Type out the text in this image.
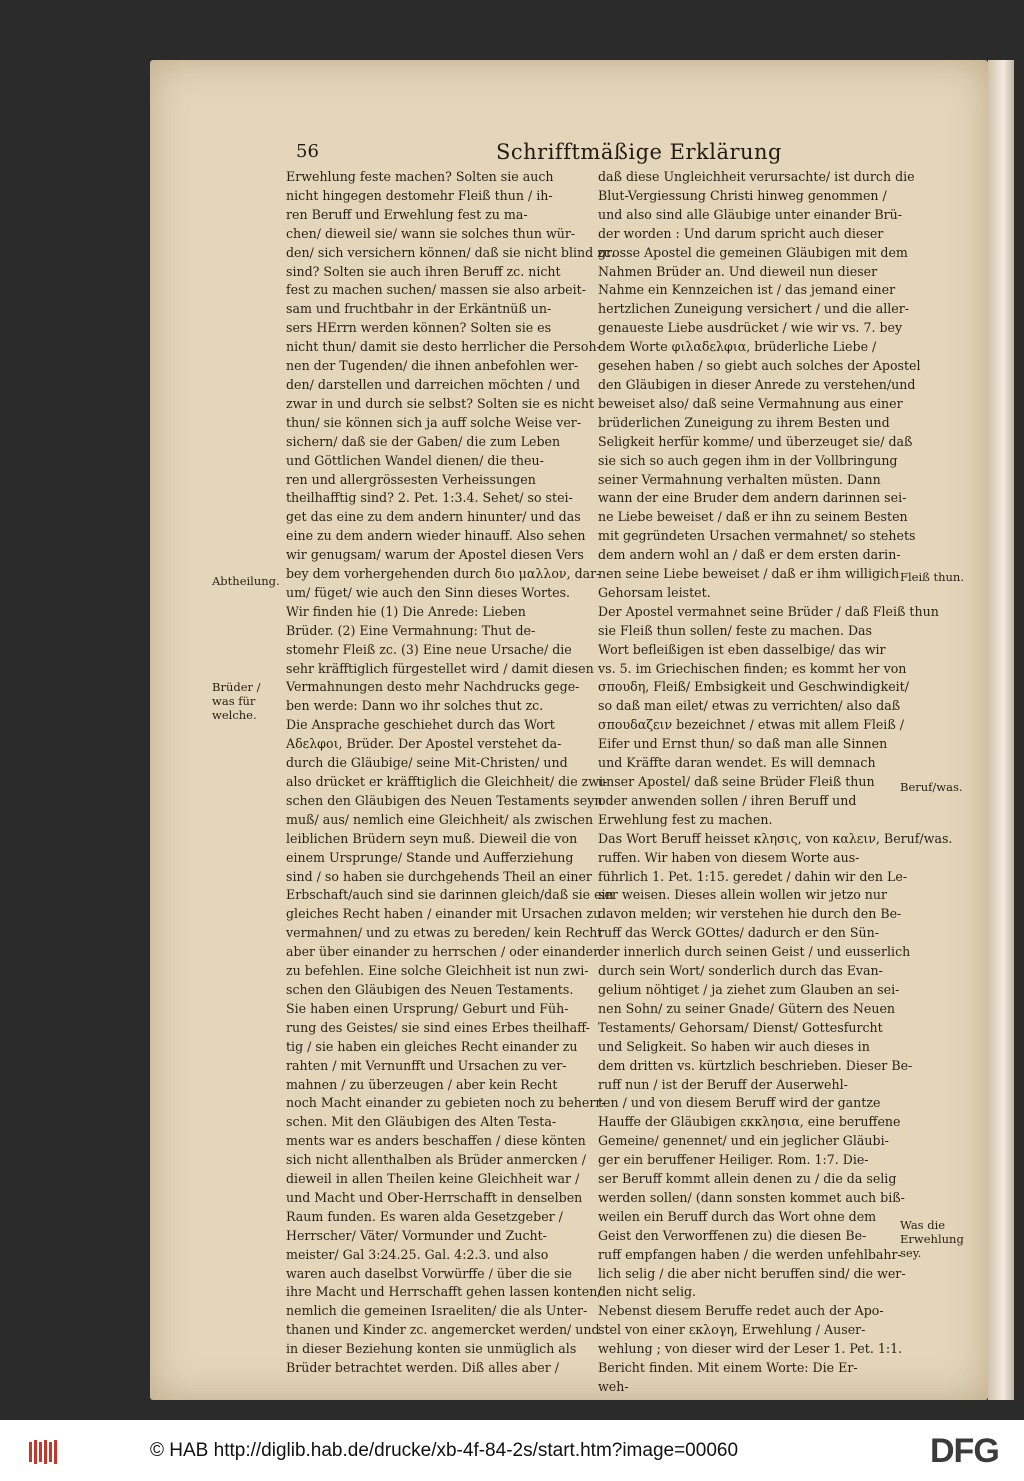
56	Schrifftmäßige Erklärung
Erwehlung feste machen? Solten sie auch
nicht hingegen destomehr Fleiß thun / ih-
ren Beruff und Erwehlung fest zu ma-
chen/ dieweil sie/ wann sie solches thun wür-
den/ sich versichern können/ daß sie nicht blind zc.
sind? Solten sie auch ihren Beruff zc. nicht
fest zu machen suchen/ massen sie also arbeit-
sam und fruchtbahr in der Erkäntnüß un-
sers HErrn werden können? Solten sie es
nicht thun/ damit sie desto herrlicher die Persoh-
nen der Tugenden/ die ihnen anbefohlen wer-
den/ darstellen und darreichen möchten / und
zwar in und durch sie selbst? Solten sie es nicht
thun/ sie können sich ja auff solche Weise ver-
sichern/ daß sie der Gaben/ die zum Leben
und Göttlichen Wandel dienen/ die theu-
ren und allergrössesten Verheissungen
theilhafftig sind? 2. Pet. 1:3.4. Sehet/ so stei-
get das eine zu dem andern hinunter/ und das
eine zu dem andern wieder hinauff. Also sehen
wir genugsam/ warum der Apostel diesen Vers
bey dem vorhergehenden durch διο μαλλον, dar-
um/ füget/ wie auch den Sinn dieses Wortes.
Wir finden hie (1) Die Anrede: Lieben
Brüder. (2) Eine Vermahnung: Thut de-
stomehr Fleiß zc. (3) Eine neue Ursache/ die
sehr kräfftiglich fürgestellet wird / damit diesen
Vermahnungen desto mehr Nachdrucks gege-
ben werde: Dann wo ihr solches thut zc.
Die Ansprache geschiehet durch das Wort
Αδελφοι, Brüder. Der Apostel verstehet da-
durch die Gläubige/ seine Mit-Christen/ und
also drücket er kräfftiglich die Gleichheit/ die zwi-
schen den Gläubigen des Neuen Testaments seyn
muß/ aus/ nemlich eine Gleichheit/ als zwischen
leiblichen Brüdern seyn muß. Dieweil die von
einem Ursprunge/ Stande und Aufferziehung
sind / so haben sie durchgehends Theil an einer
Erbschaft/auch sind sie darinnen gleich/daß sie ein
gleiches Recht haben / einander mit Ursachen zu
vermahnen/ und zu etwas zu bereden/ kein Recht
aber über einander zu herrschen / oder einander
zu befehlen. Eine solche Gleichheit ist nun zwi-
schen den Gläubigen des Neuen Testaments.
Sie haben einen Ursprung/ Geburt und Füh-
rung des Geistes/ sie sind eines Erbes theilhaff-
tig / sie haben ein gleiches Recht einander zu
rahten / mit Vernunfft und Ursachen zu ver-
mahnen / zu überzeugen / aber kein Recht
noch Macht einander zu gebieten noch zu beherr-
schen. Mit den Gläubigen des Alten Testa-
ments war es anders beschaffen / diese könten
sich nicht allenthalben als Brüder anmercken /
dieweil in allen Theilen keine Gleichheit war /
und Macht und Ober-Herrschafft in denselben
Raum funden. Es waren alda Gesetzgeber /
Herrscher/ Väter/ Vormunder und Zucht-
meister/ Gal 3:24.25. Gal. 4:2.3. und also
waren auch daselbst Vorwürffe / über die sie
ihre Macht und Herrschafft gehen lassen konten/
nemlich die gemeinen Israeliten/ die als Unter-
thanen und Kinder zc. angemercket werden/ und
in dieser Beziehung konten sie unmüglich als
Brüder betrachtet werden. Diß alles aber /
daß diese Ungleichheit verursachte/ ist durch die
Blut-Vergiessung Christi hinweg genommen /
und also sind alle Gläubige unter einander Brü-
der worden : Und darum spricht auch dieser
grosse Apostel die gemeinen Gläubigen mit dem
Nahmen Brüder an. Und dieweil nun dieser
Nahme ein Kennzeichen ist / das jemand einer
hertzlichen Zuneigung versichert / und die aller-
genaueste Liebe ausdrücket / wie wir vs. 7. bey
dem Worte φιλαδελφια, brüderliche Liebe /
gesehen haben / so giebt auch solches der Apostel
den Gläubigen in dieser Anrede zu verstehen/und
beweiset also/ daß seine Vermahnung aus einer
brüderlichen Zuneigung zu ihrem Besten und
Seligkeit herfür komme/ und überzeuget sie/ daß
sie sich so auch gegen ihm in der Vollbringung
seiner Vermahnung verhalten müsten. Dann
wann der eine Bruder dem andern darinnen sei-
ne Liebe beweiset / daß er ihn zu seinem Besten
mit gegründeten Ursachen vermahnet/ so stehets
dem andern wohl an / daß er dem ersten darin-
nen seine Liebe beweiset / daß er ihm willigich
Gehorsam leistet.
Der Apostel vermahnet seine Brüder / daß Fleiß thun
sie Fleiß thun sollen/ feste zu machen. Das
Wort befleißigen ist eben dasselbige/ das wir
vs. 5. im Griechischen finden; es kommt her von
σπουδη, Fleiß/ Embsigkeit und Geschwindigkeit/
so daß man eilet/ etwas zu verrichten/ also daß
σπουδαζειν bezeichnet / etwas mit allem Fleiß /
Eifer und Ernst thun/ so daß man alle Sinnen
und Kräffte daran wendet. Es will demnach
unser Apostel/ daß seine Brüder Fleiß thun
oder anwenden sollen / ihren Beruff und
Erwehlung fest zu machen.
Das Wort Beruff heisset κλησις, von καλειν, Beruf/was.
ruffen. Wir haben von diesem Worte aus-
führlich 1. Pet. 1:15. geredet / dahin wir den Le-
ser weisen. Dieses allein wollen wir jetzo nur
davon melden; wir verstehen hie durch den Be-
ruff das Werck GOttes/ dadurch er den Sün-
der innerlich durch seinen Geist / und eusserlich
durch sein Wort/ sonderlich durch das Evan-
gelium nöhtiget / ja ziehet zum Glauben an sei-
nen Sohn/ zu seiner Gnade/ Gütern des Neuen
Testaments/ Gehorsam/ Dienst/ Gottesfurcht
und Seligkeit. So haben wir auch dieses in
dem dritten vs. kürtzlich beschrieben. Dieser Be-
ruff nun / ist der Beruff der Auserwehl-
ten / und von diesem Beruff wird der gantze
Hauffe der Gläubigen εκκλησια, eine beruffene
Gemeine/ genennet/ und ein jeglicher Gläubi-
ger ein beruffener Heiliger. Rom. 1:7. Die-
ser Beruff kommt allein denen zu / die da selig
werden sollen/ (dann sonsten kommet auch biß-
weilen ein Beruff durch das Wort ohne dem
Geist den Verworffenen zu) die diesen Be-
ruff empfangen haben / die werden unfehlbahr-
lich selig / die aber nicht beruffen sind/ die wer-
den nicht selig.
Nebenst diesem Beruffe redet auch der Apo-
stel von einer εκλογη, Erwehlung / Auser-
wehlung ; von dieser wird der Leser 1. Pet. 1:1.
Bericht finden. Mit einem Worte: Die Er-
weh-
Abtheilung.
Brüder /
was für
welche.
Fleiß thun.
Beruf/was.
Was die
Erwehlung
sey.
© HAB http://diglib.hab.de/drucke/xb-4f-84-2s/start.htm?image=00060	DFG
